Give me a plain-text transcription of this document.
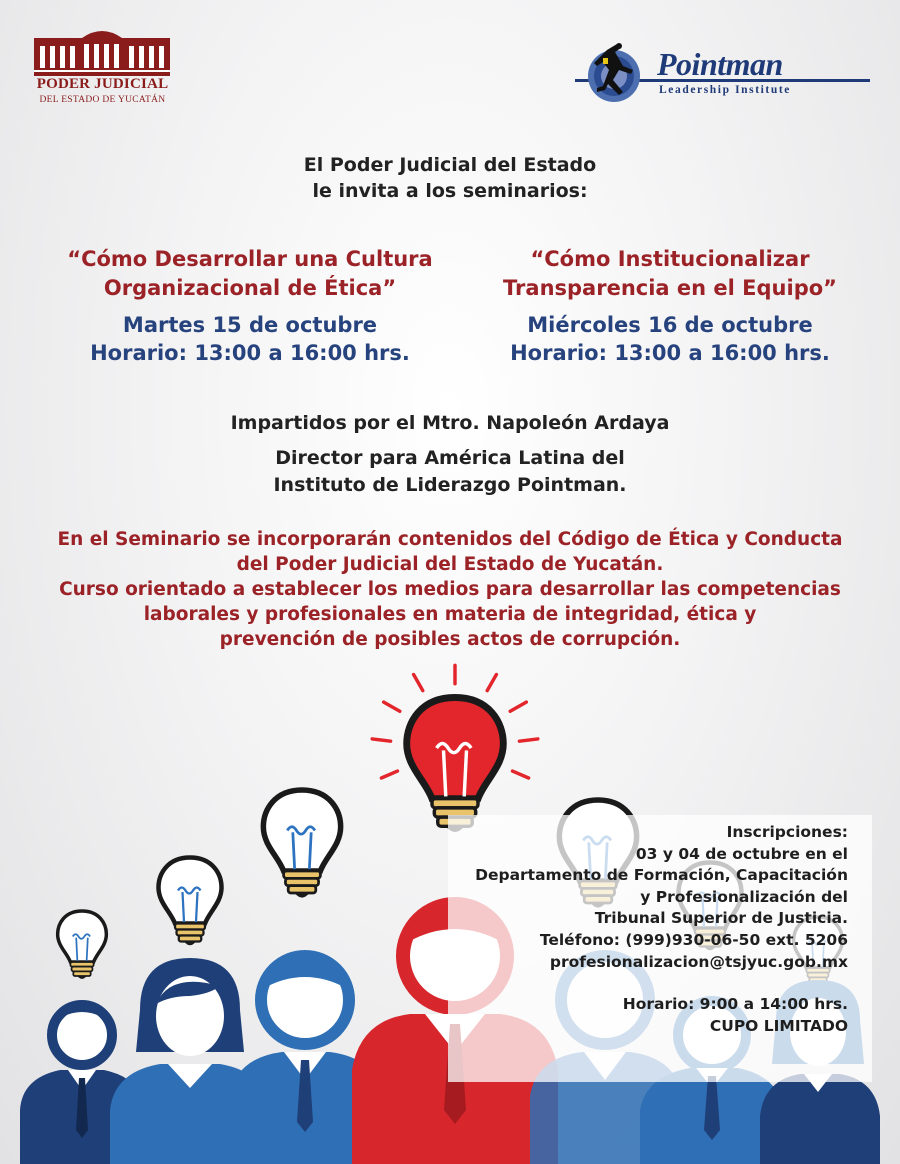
PODER JUDICIAL
DEL ESTADO DE YUCATÁN
Pointman
Leadership Institute
El Poder Judicial del Estado
le invita a los seminarios:
“Cómo Desarrollar una Cultura
Organizacional de Ética”
Martes 15 de octubre
Horario: 13:00 a 16:00 hrs.
“Cómo Institucionalizar
Transparencia en el Equipo”
Miércoles 16 de octubre
Horario: 13:00 a 16:00 hrs.
Impartidos por el Mtro. Napoleón Ardaya
Director para América Latina del
Instituto de Liderazgo Pointman.
En el Seminario se incorporarán contenidos del Código de Ética y Conducta
del Poder Judicial del Estado de Yucatán.
Curso orientado a establecer los medios para desarrollar las competencias
laborales y profesionales en materia de integridad, ética y
prevención de posibles actos de corrupción.
Inscripciones:
03 y 04 de octubre en el
Departamento de Formación, Capacitación
y Profesionalización del
Tribunal Superior de Justicia.
Teléfono: (999)930-06-50 ext. 5206
profesionalizacion@tsjyuc.gob.mx
Horario: 9:00 a 14:00 hrs.
CUPO LIMITADO
